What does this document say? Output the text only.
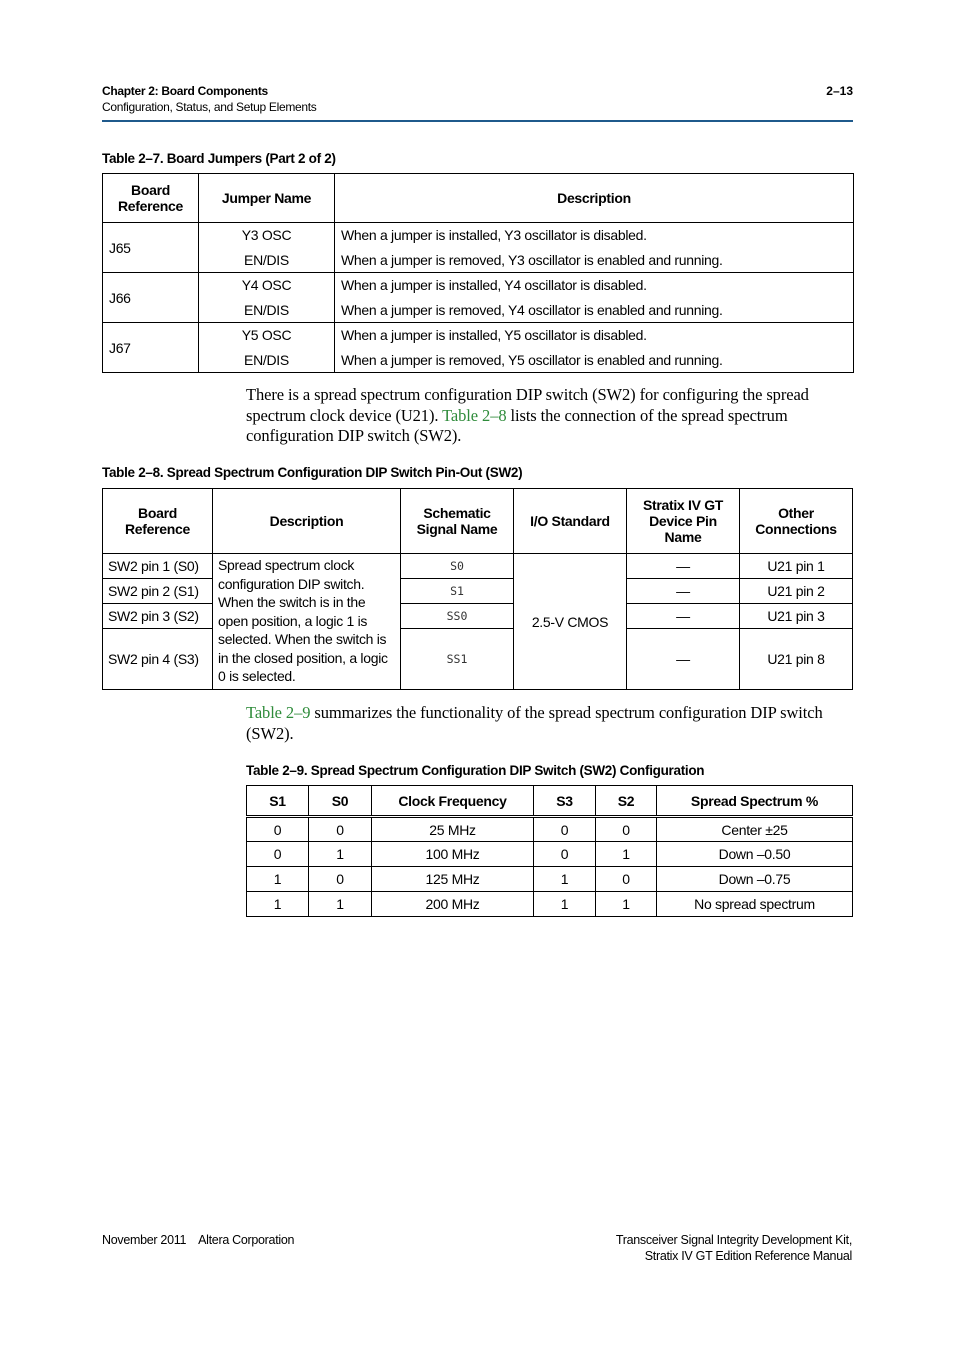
Chapter 2: Board Components
Configuration, Status, and Setup Elements
2–13
Table 2–7. Board Jumpers (Part 2 of 2)
Board Reference	Jumper Name	Description
J65	Y3 OSC	When a jumper is installed, Y3 oscillator is disabled.
	EN/DIS	When a jumper is removed, Y3 oscillator is enabled and running.
J66	Y4 OSC	When a jumper is installed, Y4 oscillator is disabled.
	EN/DIS	When a jumper is removed, Y4 oscillator is enabled and running.
J67	Y5 OSC	When a jumper is installed, Y5 oscillator is disabled.
	EN/DIS	When a jumper is removed, Y5 oscillator is enabled and running.
There is a spread spectrum configuration DIP switch (SW2) for configuring the spread spectrum clock device (U21). Table 2–8 lists the connection of the spread spectrum configuration DIP switch (SW2).
Table 2–8. Spread Spectrum Configuration DIP Switch Pin-Out (SW2)
Board Reference	Description	Schematic Signal Name	I/O Standard	Stratix IV GT Device Pin Name	Other Connections
SW2 pin 1 (S0)	Spread spectrum clock configuration DIP switch. When the switch is in the open position, a logic 1 is selected. When the switch is in the closed position, a logic 0 is selected.	S0	2.5-V CMOS	—	U21 pin 1
SW2 pin 2 (S1)		S1		—	U21 pin 2
SW2 pin 3 (S2)		SS0		—	U21 pin 3
SW2 pin 4 (S3)		SS1		—	U21 pin 8
Table 2–9 summarizes the functionality of the spread spectrum configuration DIP switch (SW2).
Table 2–9. Spread Spectrum Configuration DIP Switch (SW2) Configuration
S1	S0	Clock Frequency	S3	S2	Spread Spectrum %
0	0	25 MHz	0	0	Center ±25
0	1	100 MHz	0	1	Down –0.50
1	0	125 MHz	1	0	Down –0.75
1	1	200 MHz	1	1	No spread spectrum
November 2011    Altera Corporation	Transceiver Signal Integrity Development Kit,
Stratix IV GT Edition Reference Manual
